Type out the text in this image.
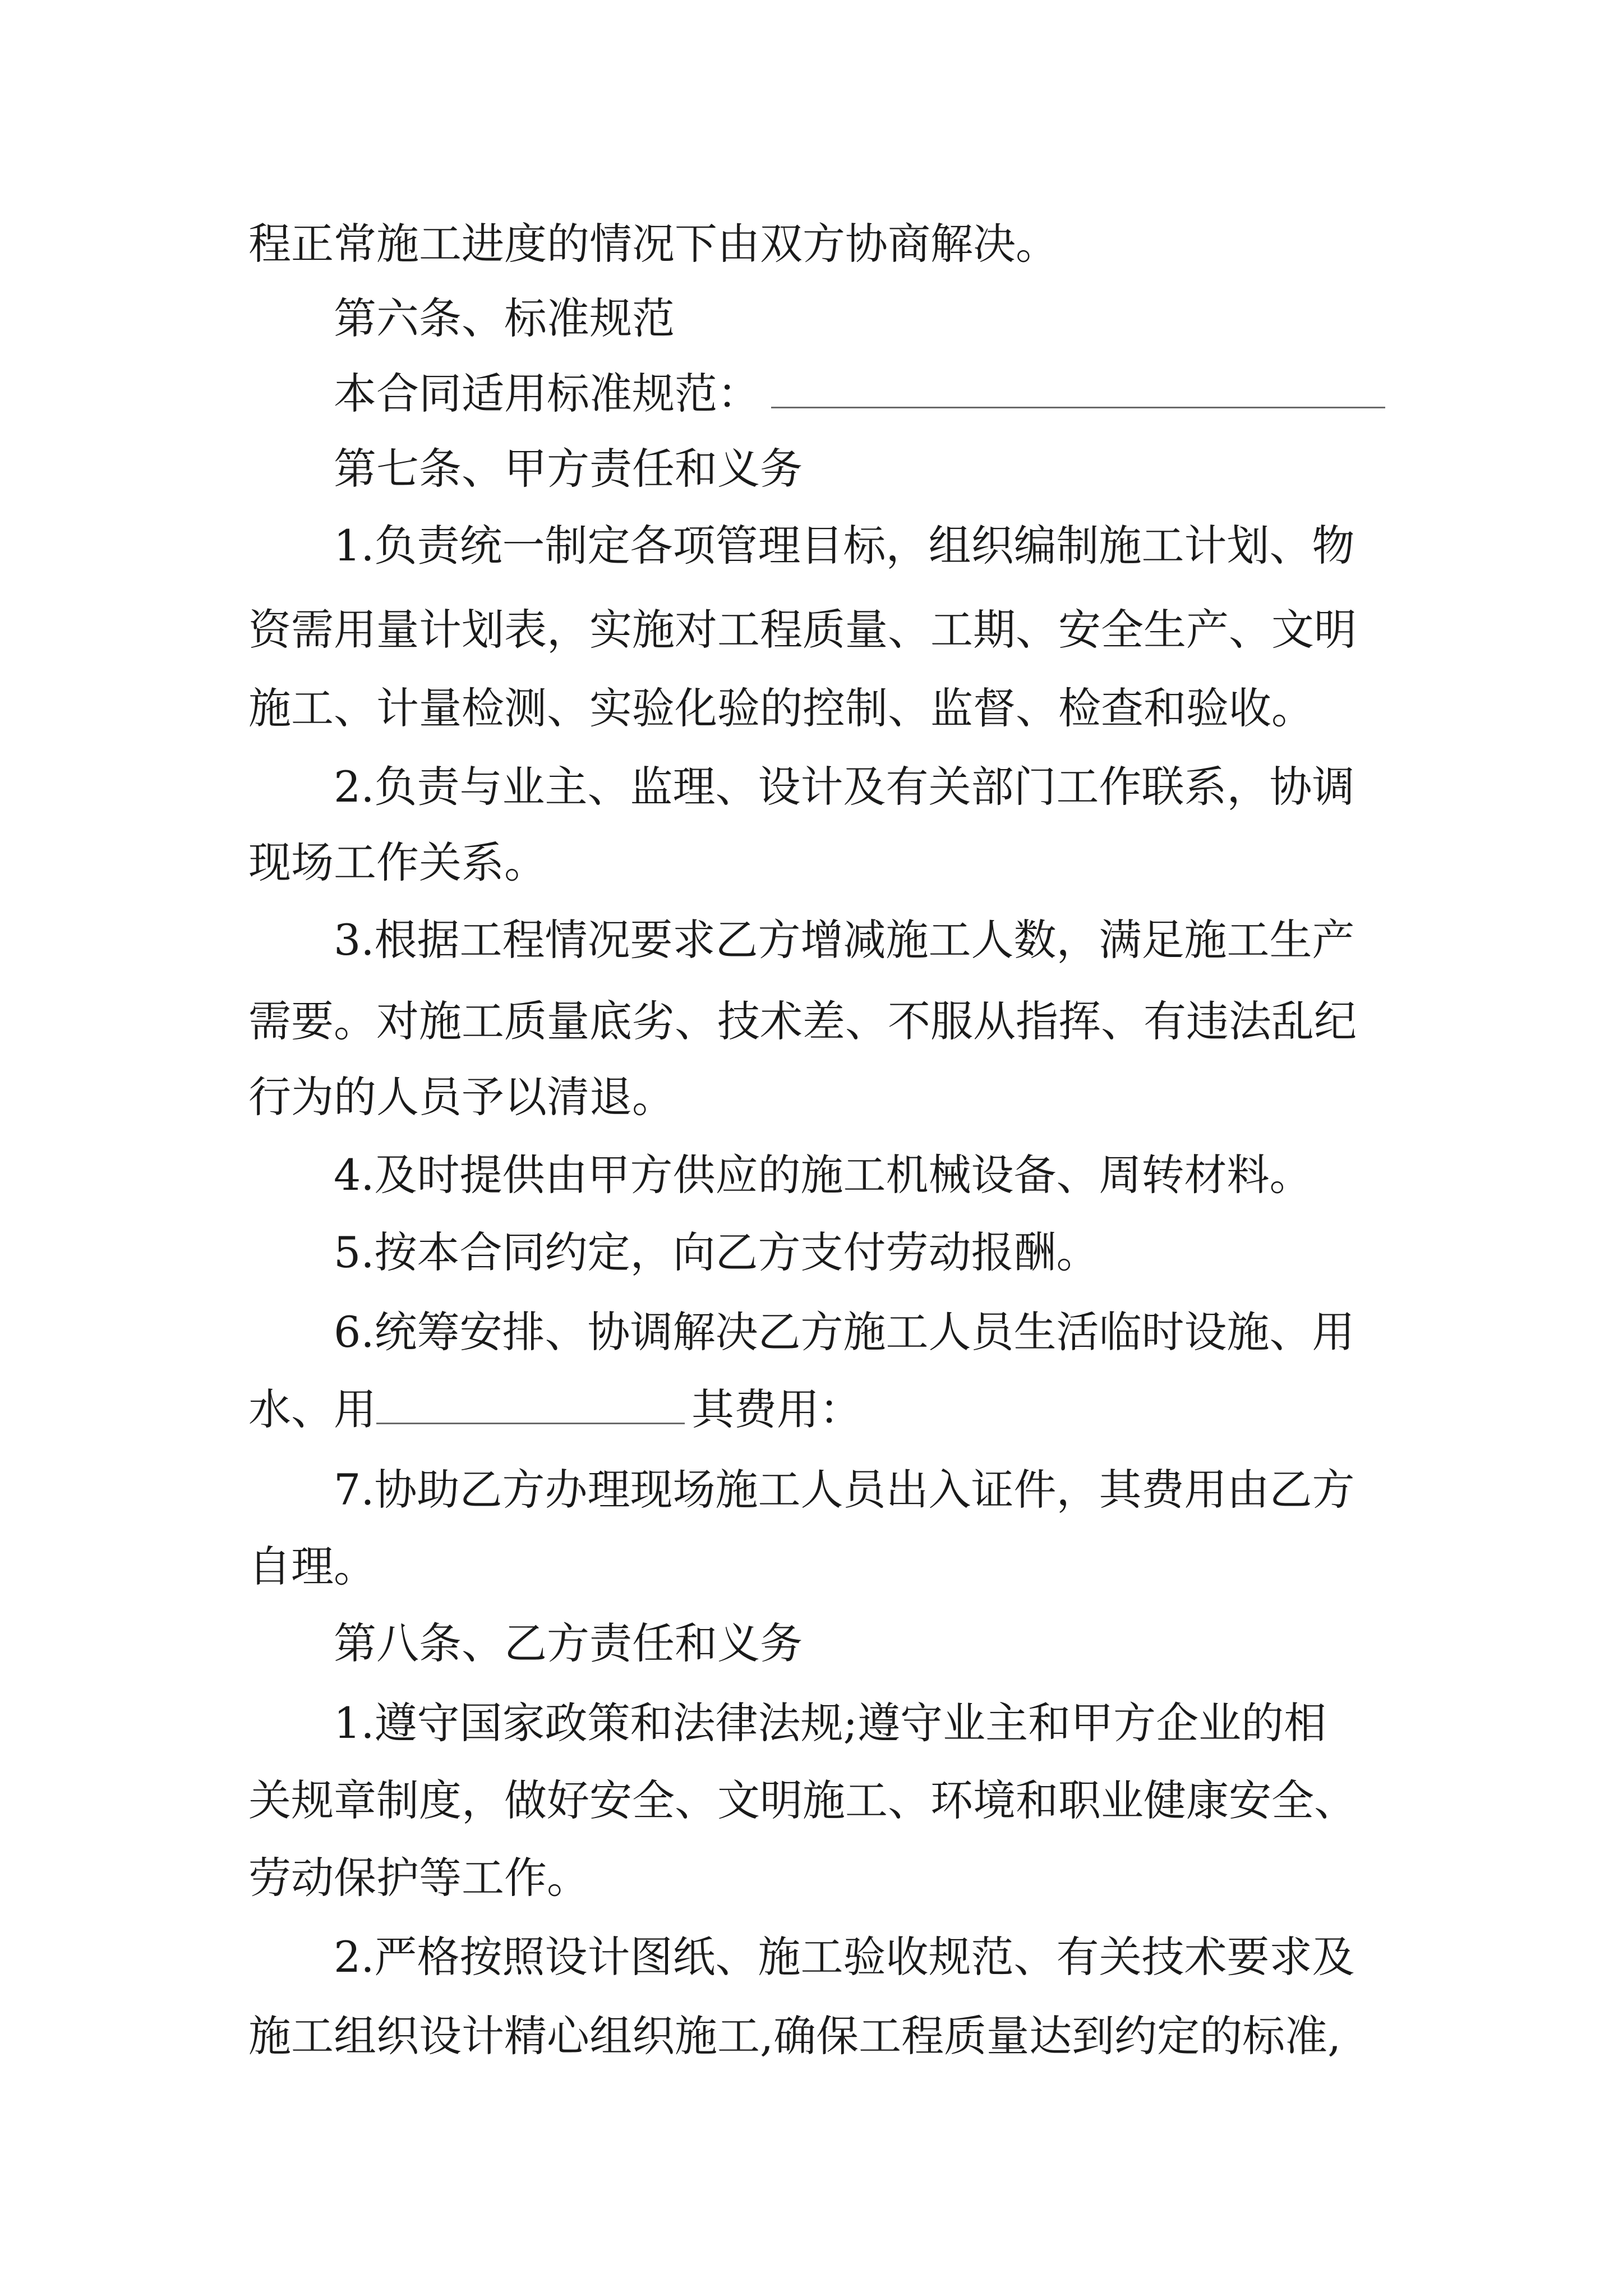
程正常施工进度的情况下由双方协商解决。
第六条、标准规范
本合同适用标准规范：
第七条、甲方责任和义务
1.负责统一制定各项管理目标，组织编制施工计划、物
资需用量计划表，实施对工程质量、工期、安全生产、文明
施工、计量检测、实验化验的控制、监督、检查和验收。
2.负责与业主、监理、设计及有关部门工作联系，协调
现场工作关系。
3.根据工程情况要求乙方增减施工人数，满足施工生产
需要。对施工质量底劣、技术差、不服从指挥、有违法乱纪
行为的人员予以清退。
4.及时提供由甲方供应的施工机械设备、周转材料。
5.按本合同约定，向乙方支付劳动报酬。
6.统筹安排、协调解决乙方施工人员生活临时设施、用
水、用	其费用：
7.协助乙方办理现场施工人员出入证件，其费用由乙方
自理。
第八条、乙方责任和义务
1.遵守国家政策和法律法规;遵守业主和甲方企业的相
关规章制度，做好安全、文明施工、环境和职业健康安全、
劳动保护等工作。
2.严格按照设计图纸、施工验收规范、有关技术要求及
施工组织设计精心组织施工,确保工程质量达到约定的标准,
